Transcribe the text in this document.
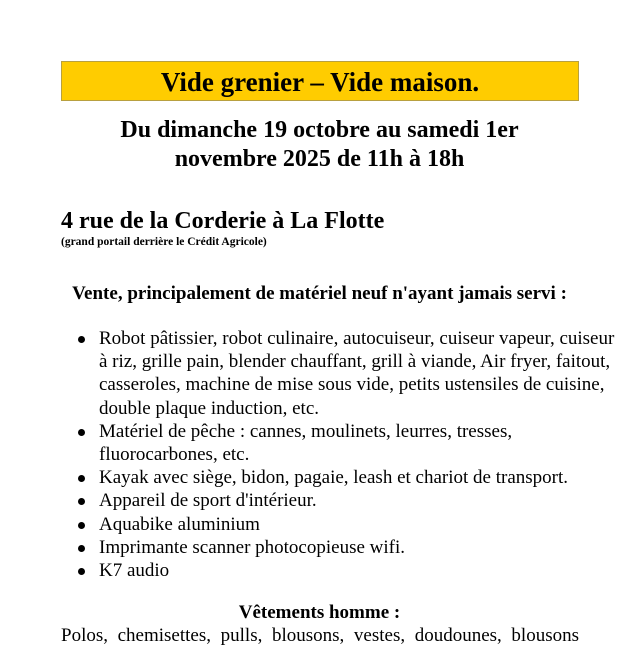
Vide grenier – Vide maison.
Du dimanche 19 octobre au samedi 1er
novembre 2025 de 11h à 18h
4 rue de la Corderie à La Flotte
(grand portail derrière le Crédit Agricole)
Vente, principalement de matériel neuf n'ayant jamais servi :
Robot pâtissier, robot culinaire, autocuiseur, cuiseur vapeur, cuiseur à riz, grille pain, blender chauffant, grill à viande, Air fryer, faitout, casseroles, machine de mise sous vide, petits ustensiles de cuisine, double plaque induction, etc.
Matériel de pêche : cannes, moulinets, leurres, tresses, fluorocarbones, etc.
Kayak avec siège, bidon, pagaie, leash et chariot de transport.
Appareil de sport d'intérieur.
Aquabike aluminium
Imprimante scanner photocopieuse wifi.
K7 audio
Vêtements homme :
Polos, chemisettes, pulls, blousons, vestes, doudounes, blousons
